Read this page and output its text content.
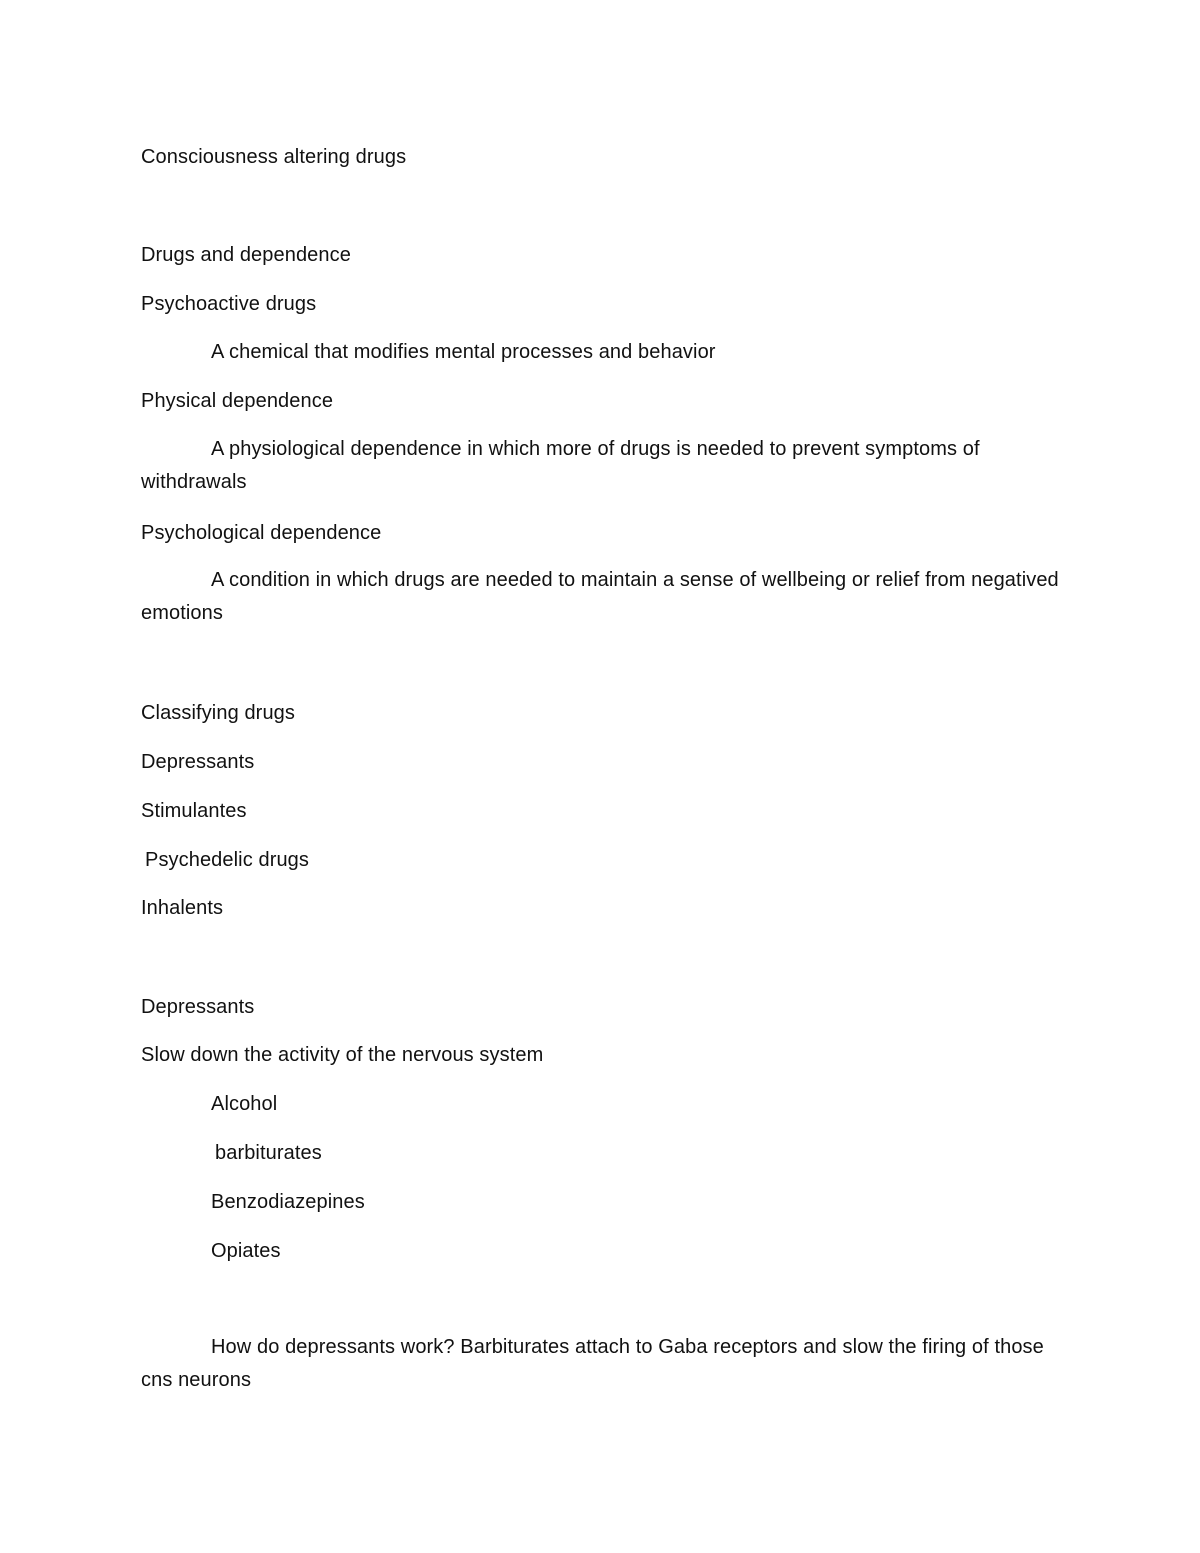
Consciousness altering drugs
Drugs and dependence
Psychoactive drugs
A chemical that modifies mental processes and behavior
Physical dependence
A physiological dependence in which more of drugs is needed to prevent symptoms of withdrawals
Psychological dependence
A condition in which drugs are needed to maintain a sense of wellbeing or relief from negatived emotions
Classifying drugs
Depressants
Stimulantes
Psychedelic drugs
Inhalents
Depressants
Slow down the activity of the nervous system
Alcohol
barbiturates
Benzodiazepines
Opiates
How do depressants work? Barbiturates attach to Gaba receptors and slow the firing of those cns neurons
